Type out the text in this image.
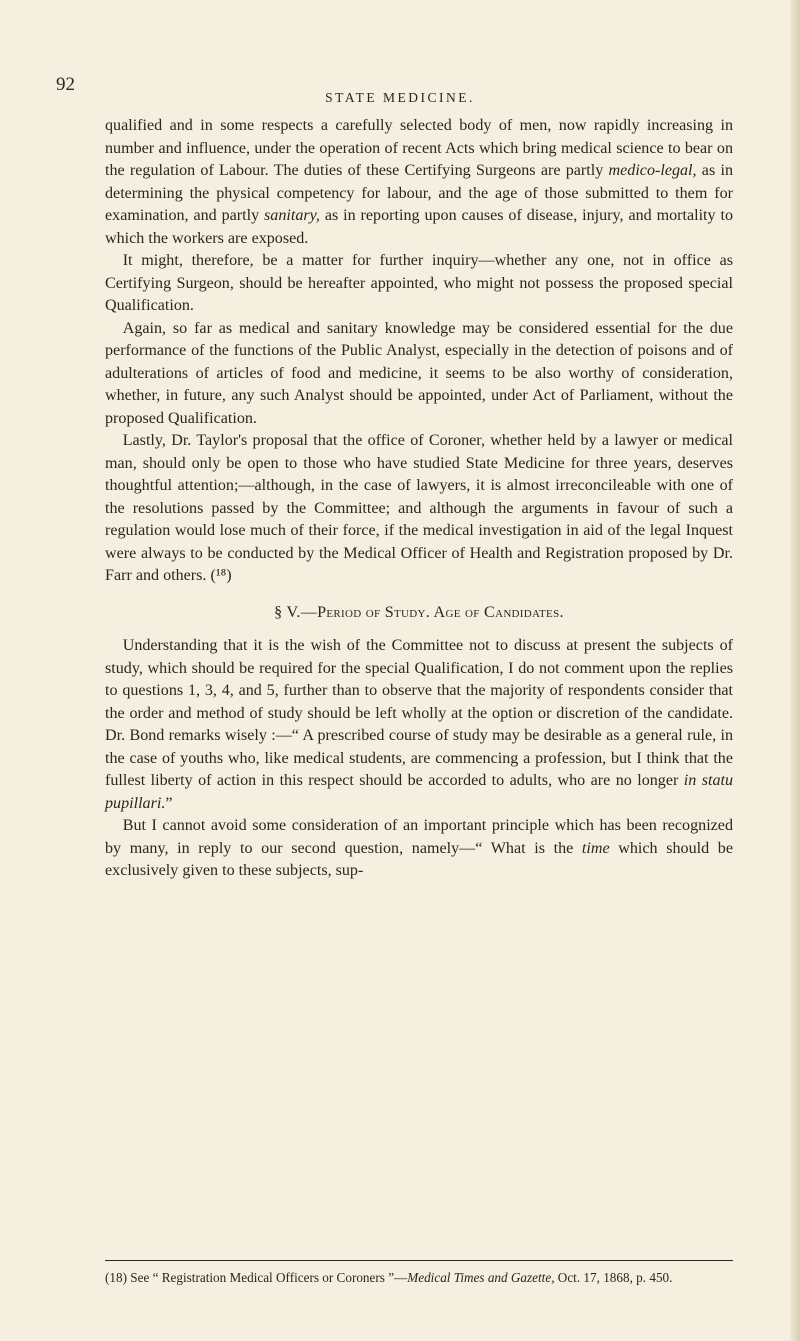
92
STATE MEDICINE.

qualified and in some respects a carefully selected body of men, now rapidly increasing in number and influence, under the operation of recent Acts which bring medical science to bear on the regulation of Labour. The duties of these Certifying Surgeons are partly medico-legal, as in determining the physical competency for labour, and the age of those submitted to them for examination, and partly sanitary, as in reporting upon causes of disease, injury, and mortality to which the workers are exposed.

It might, therefore, be a matter for further inquiry—whether any one, not in office as Certifying Surgeon, should be hereafter appointed, who might not possess the proposed special Qualification.

Again, so far as medical and sanitary knowledge may be considered essential for the due performance of the functions of the Public Analyst, especially in the detection of poisons and of adulterations of articles of food and medicine, it seems to be also worthy of consideration, whether, in future, any such Analyst should be appointed, under Act of Parliament, without the proposed Qualification.

Lastly, Dr. Taylor's proposal that the office of Coroner, whether held by a lawyer or medical man, should only be open to those who have studied State Medicine for three years, deserves thoughtful attention;—although, in the case of lawyers, it is almost irreconcileable with one of the resolutions passed by the Committee; and although the arguments in favour of such a regulation would lose much of their force, if the medical investigation in aid of the legal Inquest were always to be conducted by the Medical Officer of Health and Registration proposed by Dr. Farr and others. (¹⁸)

§ V.—Period of Study. Age of Candidates.

Understanding that it is the wish of the Committee not to discuss at present the subjects of study, which should be required for the special Qualification, I do not comment upon the replies to questions 1, 3, 4, and 5, further than to observe that the majority of respondents consider that the order and method of study should be left wholly at the option or discretion of the candidate. Dr. Bond remarks wisely :—“ A prescribed course of study may be desirable as a general rule, in the case of youths who, like medical students, are commencing a profession, but I think that the fullest liberty of action in this respect should be accorded to adults, who are no longer in statu pupillari.”

But I cannot avoid some consideration of an important principle which has been recognized by many, in reply to our second question, namely—“ What is the time which should be exclusively given to these subjects, sup-

(18) See “ Registration Medical Officers or Coroners ”—Medical Times and Gazette, Oct. 17, 1868, p. 450.
